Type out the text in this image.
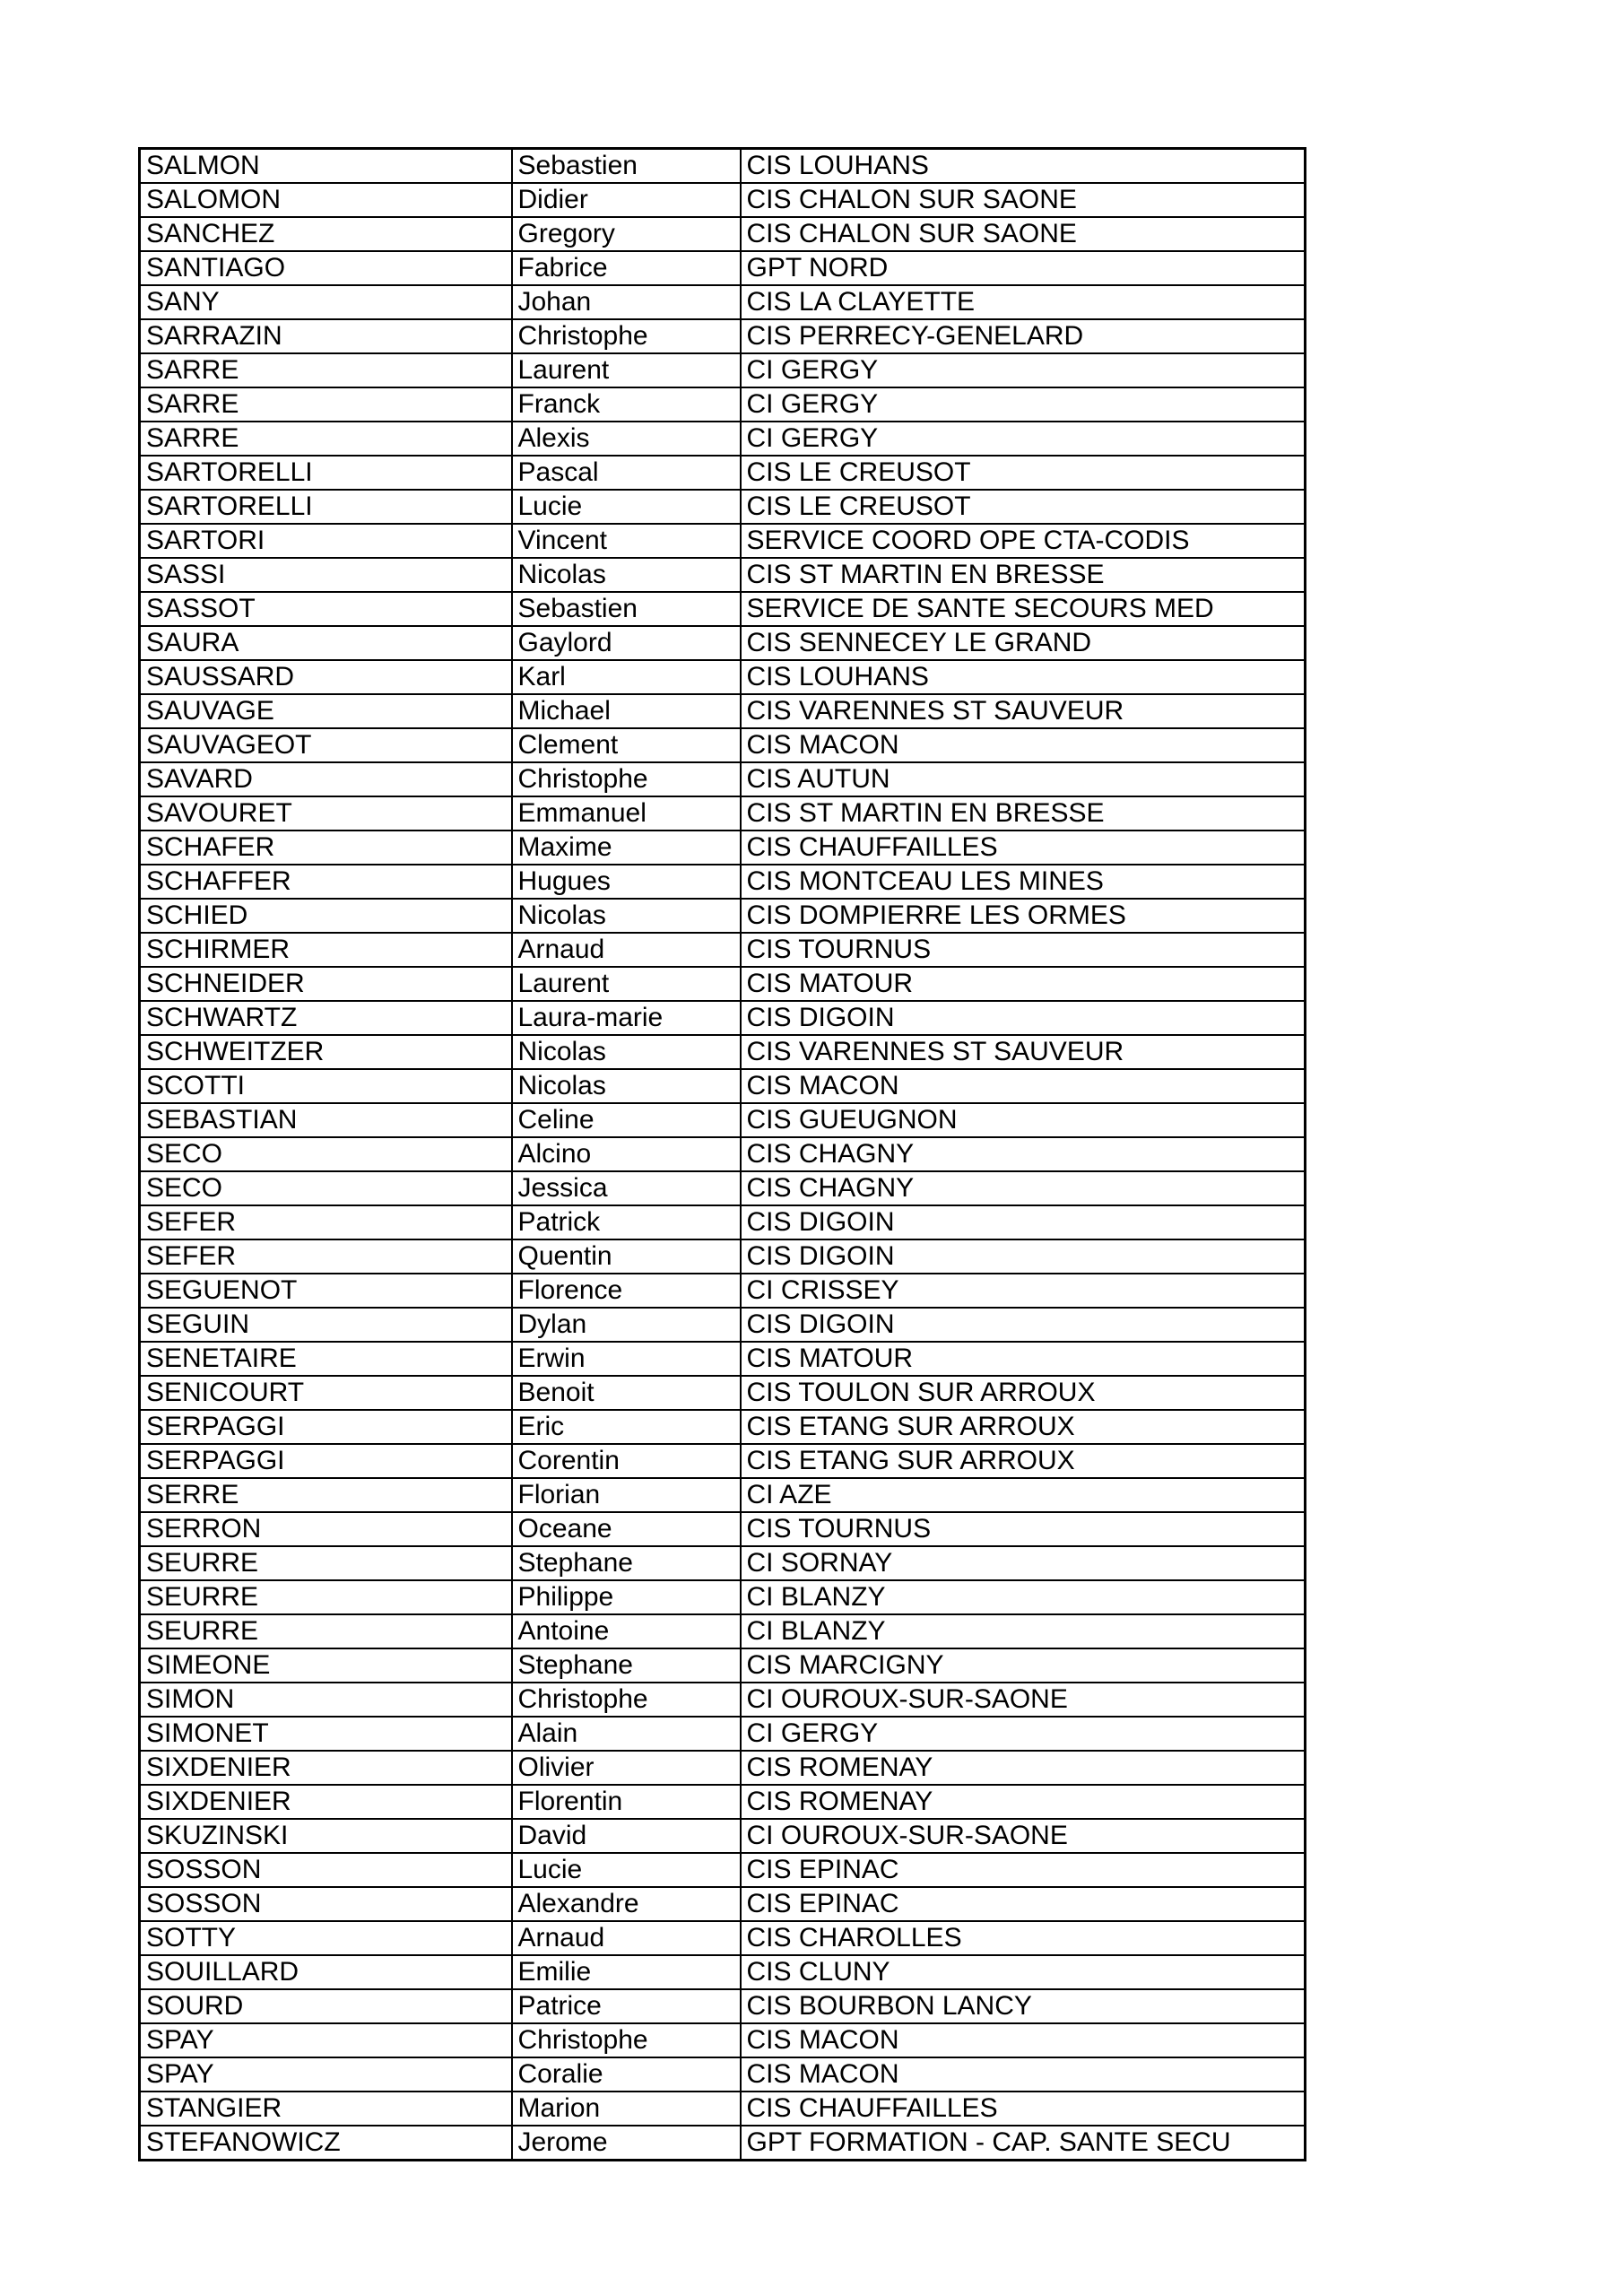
SALMON	Sebastien	CIS LOUHANS
SALOMON	Didier	CIS CHALON SUR SAONE
SANCHEZ	Gregory	CIS CHALON SUR SAONE
SANTIAGO	Fabrice	GPT NORD
SANY	Johan	CIS LA CLAYETTE
SARRAZIN	Christophe	CIS PERRECY-GENELARD
SARRE	Laurent	CI GERGY
SARRE	Franck	CI GERGY
SARRE	Alexis	CI GERGY
SARTORELLI	Pascal	CIS LE CREUSOT
SARTORELLI	Lucie	CIS LE CREUSOT
SARTORI	Vincent	SERVICE COORD OPE CTA-CODIS
SASSI	Nicolas	CIS ST MARTIN EN BRESSE
SASSOT	Sebastien	SERVICE DE SANTE SECOURS MED
SAURA	Gaylord	CIS SENNECEY LE GRAND
SAUSSARD	Karl	CIS LOUHANS
SAUVAGE	Michael	CIS VARENNES ST SAUVEUR
SAUVAGEOT	Clement	CIS MACON
SAVARD	Christophe	CIS AUTUN
SAVOURET	Emmanuel	CIS ST MARTIN EN BRESSE
SCHAFER	Maxime	CIS CHAUFFAILLES
SCHAFFER	Hugues	CIS MONTCEAU LES MINES
SCHIED	Nicolas	CIS DOMPIERRE LES ORMES
SCHIRMER	Arnaud	CIS TOURNUS
SCHNEIDER	Laurent	CIS MATOUR
SCHWARTZ	Laura-marie	CIS DIGOIN
SCHWEITZER	Nicolas	CIS VARENNES ST SAUVEUR
SCOTTI	Nicolas	CIS MACON
SEBASTIAN	Celine	CIS GUEUGNON
SECO	Alcino	CIS CHAGNY
SECO	Jessica	CIS CHAGNY
SEFER	Patrick	CIS DIGOIN
SEFER	Quentin	CIS DIGOIN
SEGUENOT	Florence	CI CRISSEY
SEGUIN	Dylan	CIS DIGOIN
SENETAIRE	Erwin	CIS MATOUR
SENICOURT	Benoit	CIS TOULON SUR ARROUX
SERPAGGI	Eric	CIS ETANG SUR ARROUX
SERPAGGI	Corentin	CIS ETANG SUR ARROUX
SERRE	Florian	CI AZE
SERRON	Oceane	CIS TOURNUS
SEURRE	Stephane	CI SORNAY
SEURRE	Philippe	CI BLANZY
SEURRE	Antoine	CI BLANZY
SIMEONE	Stephane	CIS MARCIGNY
SIMON	Christophe	CI OUROUX-SUR-SAONE
SIMONET	Alain	CI GERGY
SIXDENIER	Olivier	CIS ROMENAY
SIXDENIER	Florentin	CIS ROMENAY
SKUZINSKI	David	CI OUROUX-SUR-SAONE
SOSSON	Lucie	CIS EPINAC
SOSSON	Alexandre	CIS EPINAC
SOTTY	Arnaud	CIS CHAROLLES
SOUILLARD	Emilie	CIS CLUNY
SOURD	Patrice	CIS BOURBON LANCY
SPAY	Christophe	CIS MACON
SPAY	Coralie	CIS MACON
STANGIER	Marion	CIS CHAUFFAILLES
STEFANOWICZ	Jerome	GPT FORMATION - CAP. SANTE SECU
